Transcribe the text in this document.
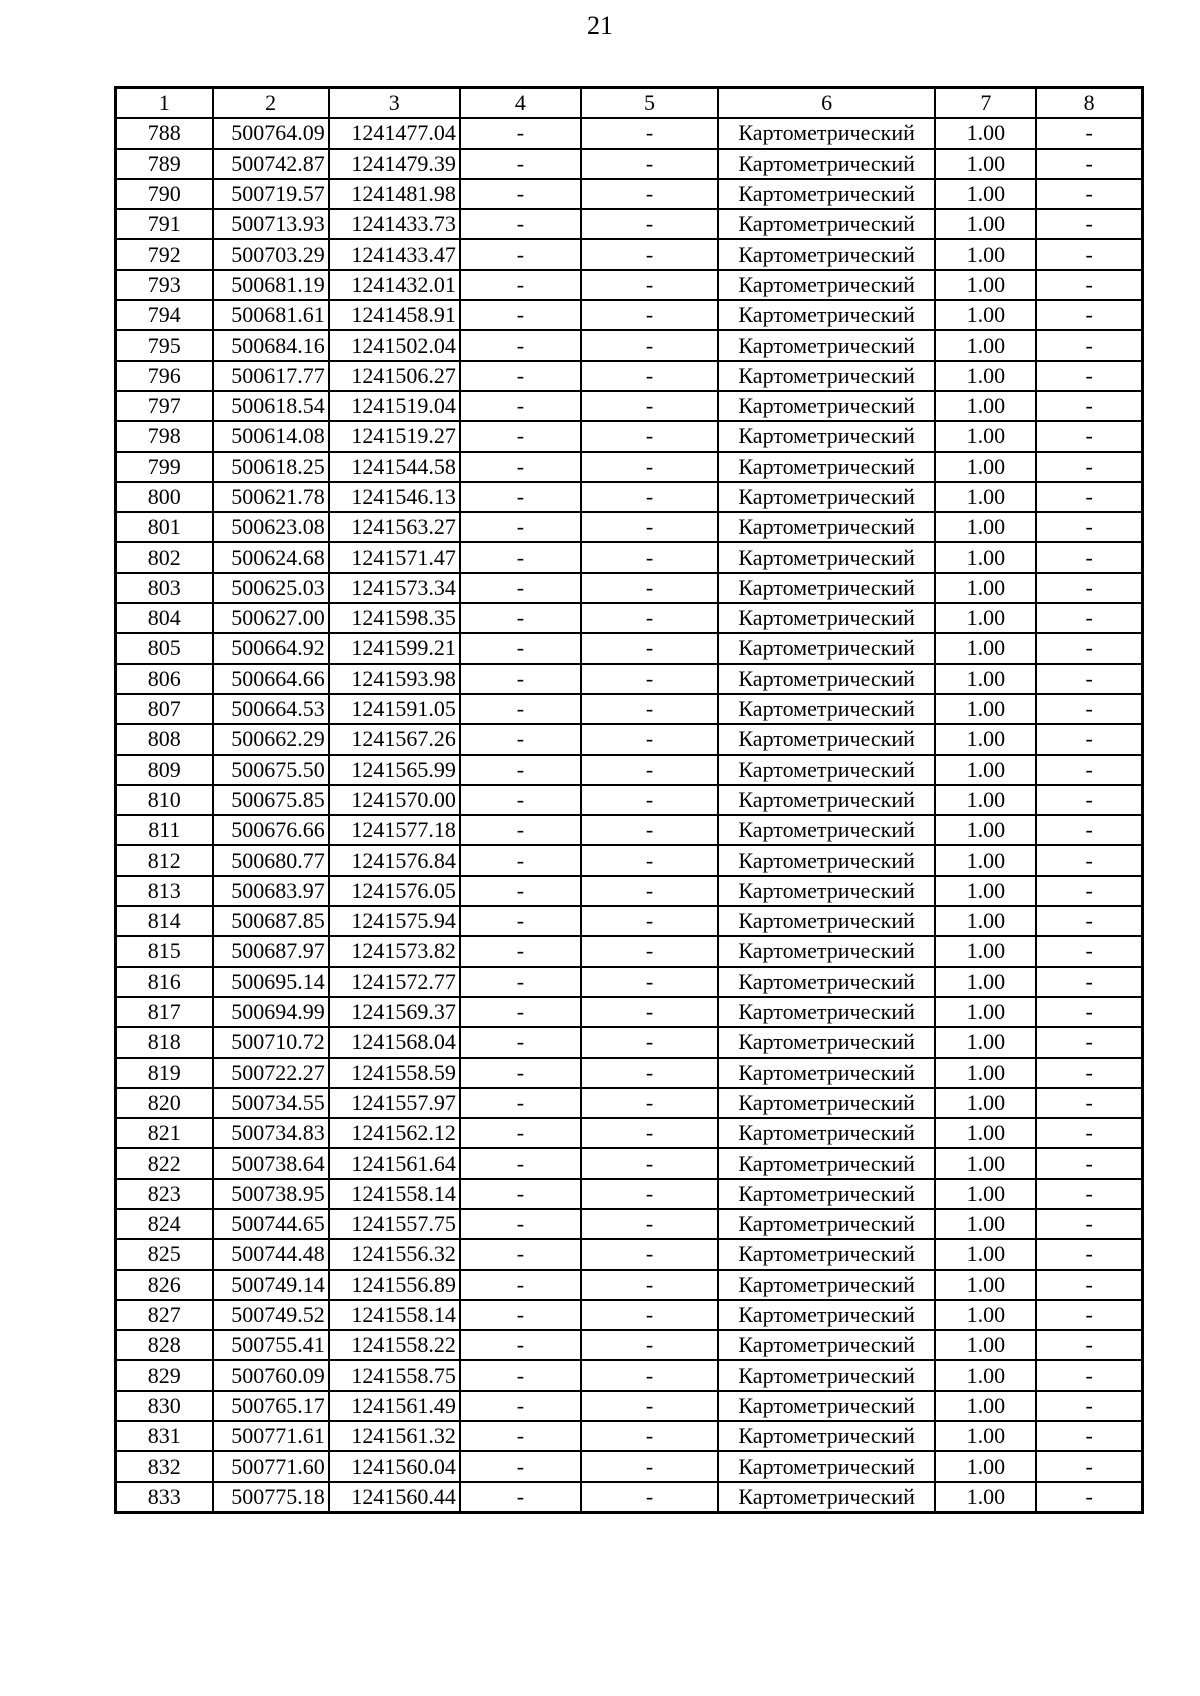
21
1	2	3	4	5	6	7	8
788	500764.09	1241477.04	-	-	Картометрический	1.00	-
789	500742.87	1241479.39	-	-	Картометрический	1.00	-
790	500719.57	1241481.98	-	-	Картометрический	1.00	-
791	500713.93	1241433.73	-	-	Картометрический	1.00	-
792	500703.29	1241433.47	-	-	Картометрический	1.00	-
793	500681.19	1241432.01	-	-	Картометрический	1.00	-
794	500681.61	1241458.91	-	-	Картометрический	1.00	-
795	500684.16	1241502.04	-	-	Картометрический	1.00	-
796	500617.77	1241506.27	-	-	Картометрический	1.00	-
797	500618.54	1241519.04	-	-	Картометрический	1.00	-
798	500614.08	1241519.27	-	-	Картометрический	1.00	-
799	500618.25	1241544.58	-	-	Картометрический	1.00	-
800	500621.78	1241546.13	-	-	Картометрический	1.00	-
801	500623.08	1241563.27	-	-	Картометрический	1.00	-
802	500624.68	1241571.47	-	-	Картометрический	1.00	-
803	500625.03	1241573.34	-	-	Картометрический	1.00	-
804	500627.00	1241598.35	-	-	Картометрический	1.00	-
805	500664.92	1241599.21	-	-	Картометрический	1.00	-
806	500664.66	1241593.98	-	-	Картометрический	1.00	-
807	500664.53	1241591.05	-	-	Картометрический	1.00	-
808	500662.29	1241567.26	-	-	Картометрический	1.00	-
809	500675.50	1241565.99	-	-	Картометрический	1.00	-
810	500675.85	1241570.00	-	-	Картометрический	1.00	-
811	500676.66	1241577.18	-	-	Картометрический	1.00	-
812	500680.77	1241576.84	-	-	Картометрический	1.00	-
813	500683.97	1241576.05	-	-	Картометрический	1.00	-
814	500687.85	1241575.94	-	-	Картометрический	1.00	-
815	500687.97	1241573.82	-	-	Картометрический	1.00	-
816	500695.14	1241572.77	-	-	Картометрический	1.00	-
817	500694.99	1241569.37	-	-	Картометрический	1.00	-
818	500710.72	1241568.04	-	-	Картометрический	1.00	-
819	500722.27	1241558.59	-	-	Картометрический	1.00	-
820	500734.55	1241557.97	-	-	Картометрический	1.00	-
821	500734.83	1241562.12	-	-	Картометрический	1.00	-
822	500738.64	1241561.64	-	-	Картометрический	1.00	-
823	500738.95	1241558.14	-	-	Картометрический	1.00	-
824	500744.65	1241557.75	-	-	Картометрический	1.00	-
825	500744.48	1241556.32	-	-	Картометрический	1.00	-
826	500749.14	1241556.89	-	-	Картометрический	1.00	-
827	500749.52	1241558.14	-	-	Картометрический	1.00	-
828	500755.41	1241558.22	-	-	Картометрический	1.00	-
829	500760.09	1241558.75	-	-	Картометрический	1.00	-
830	500765.17	1241561.49	-	-	Картометрический	1.00	-
831	500771.61	1241561.32	-	-	Картометрический	1.00	-
832	500771.60	1241560.04	-	-	Картометрический	1.00	-
833	500775.18	1241560.44	-	-	Картометрический	1.00	-
